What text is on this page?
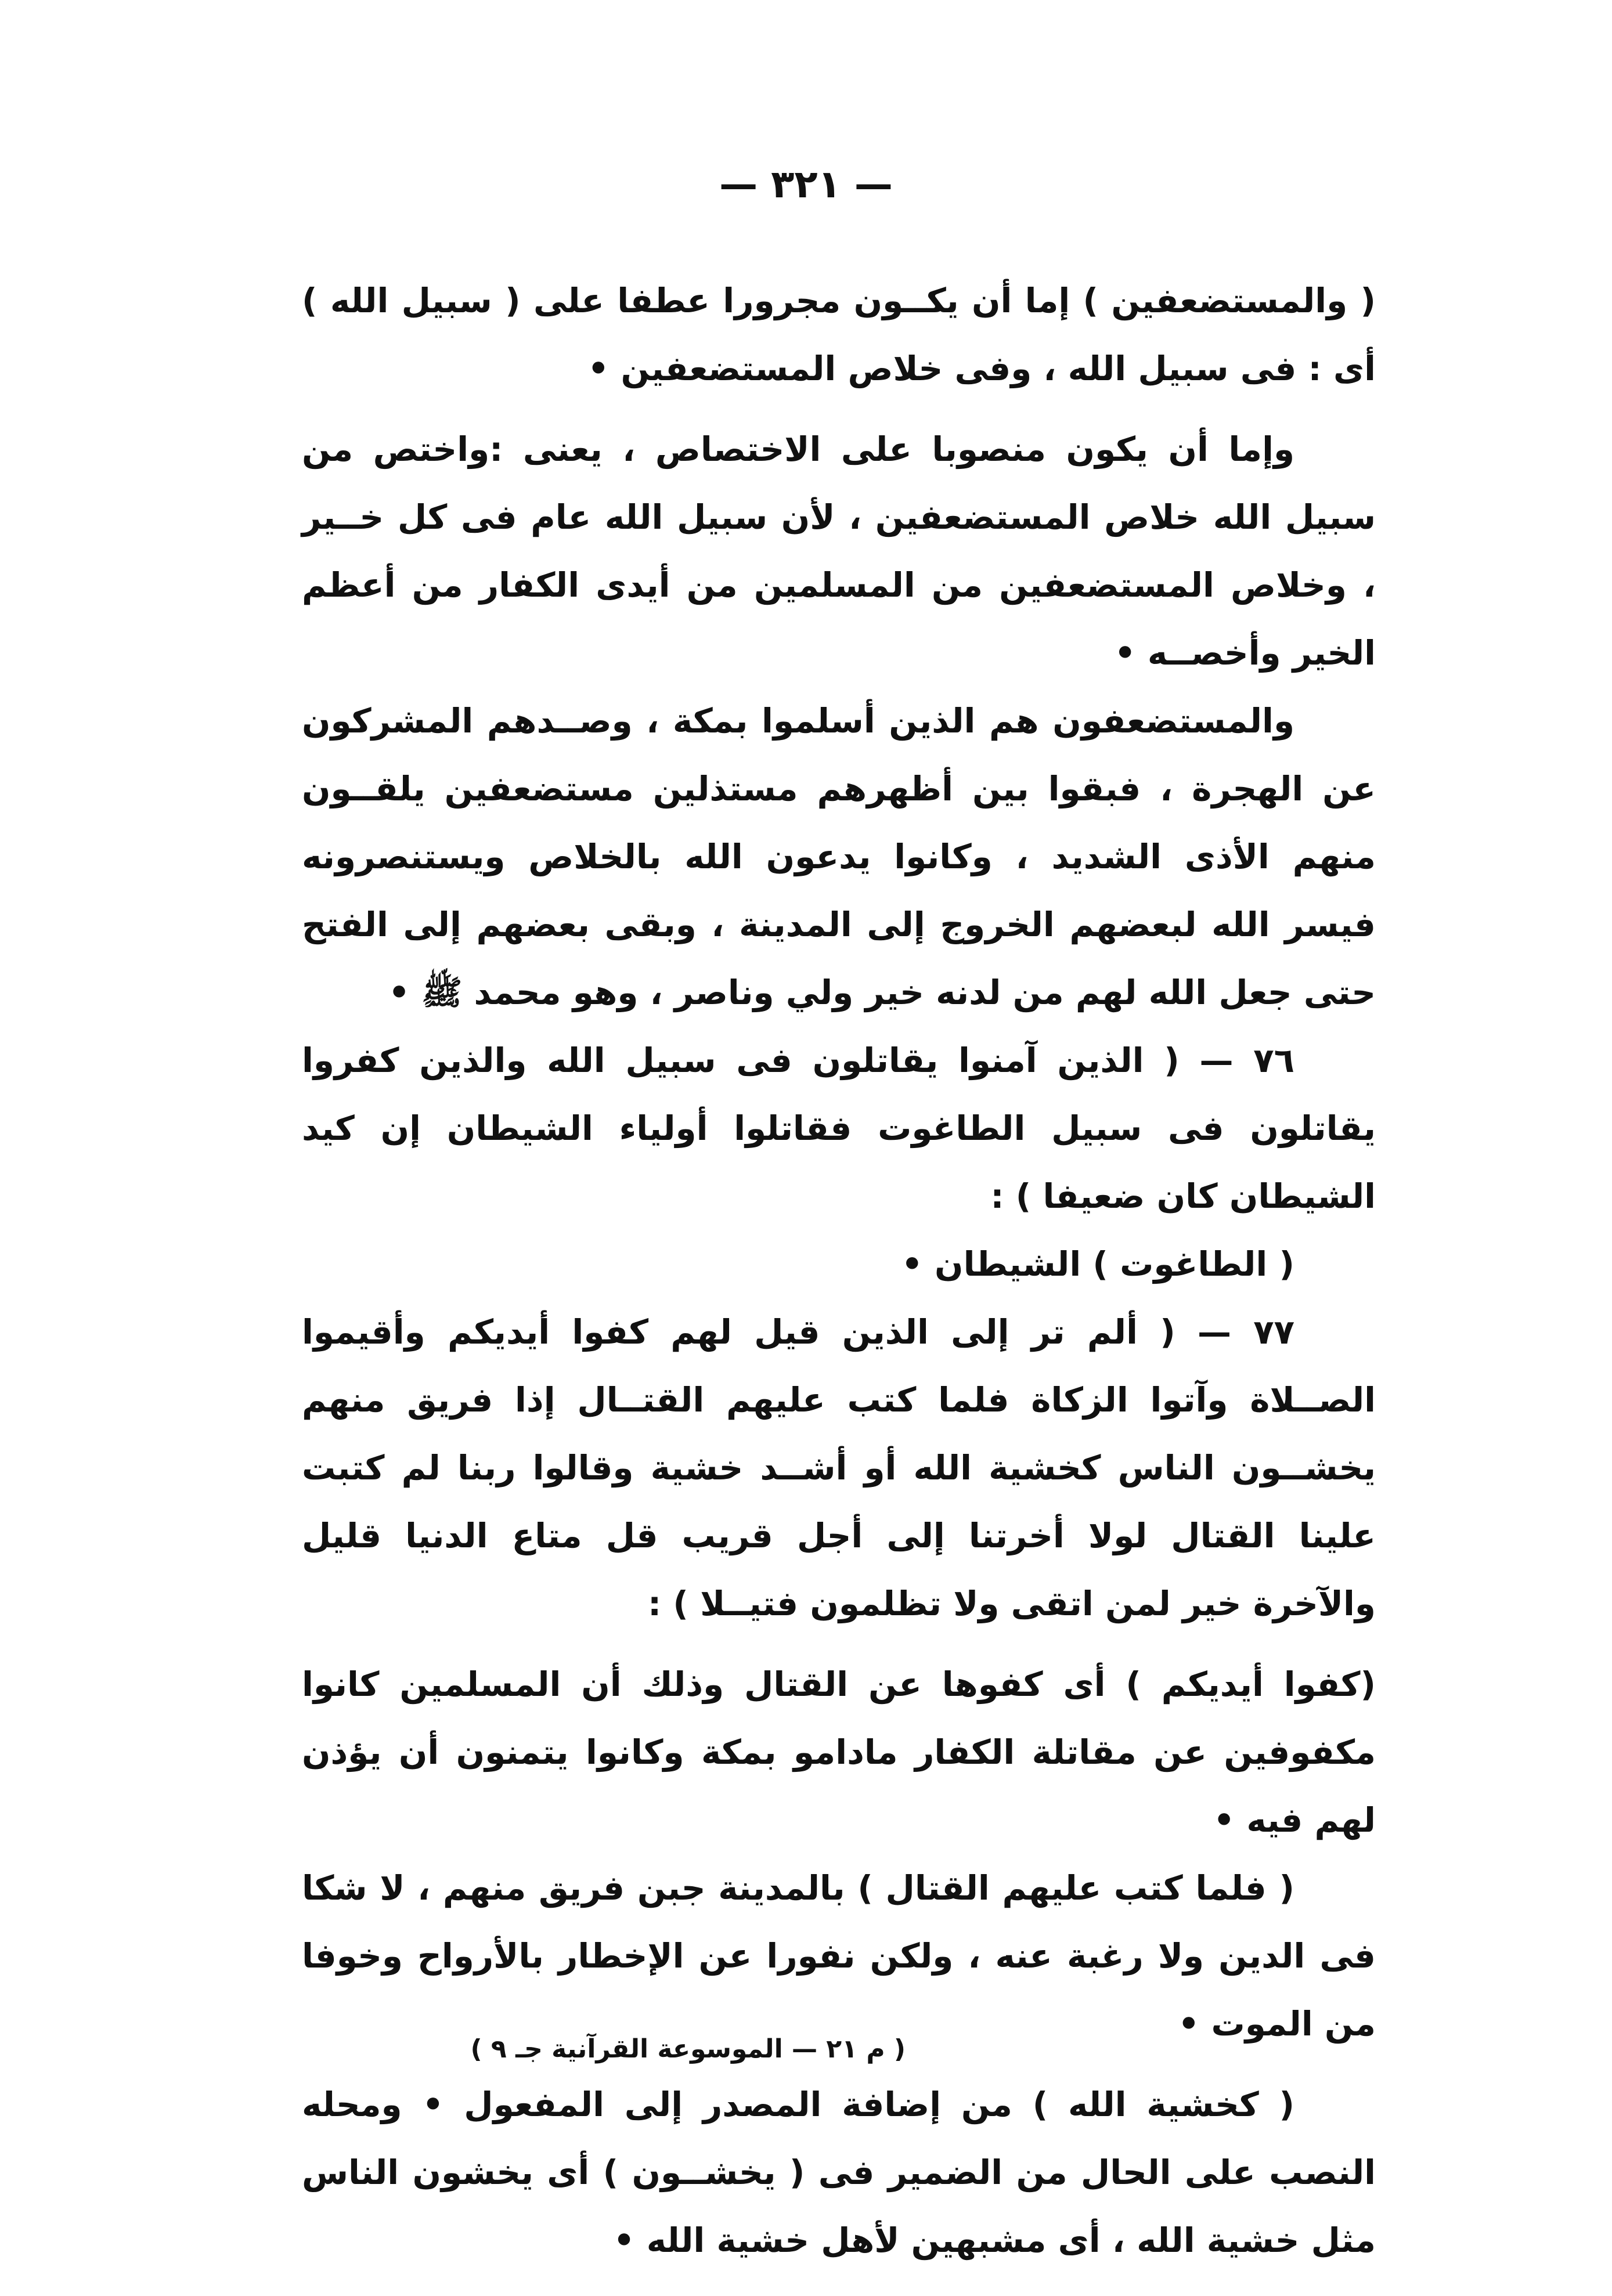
— ٣٢١ —

( والمستضعفين ) إما أن يكــون مجرورا عطفا على ( سبيل الله ) أى : فى سبيل الله ، وفى خلاص المستضعفين •

وإما أن يكون منصوبا على الاختصاص ، يعنى :واختص من سبيل الله خلاص المستضعفين ، لأن سبيل الله عام فى كل خــير ، وخلاص المستضعفين من المسلمين من أيدى الكفار من أعظم الخير وأخصــه •

والمستضعفون هم الذين أسلموا بمكة ، وصــدهم المشركون عن الهجرة ، فبقوا بين أظهرهم مستذلين مستضعفين يلقــون منهم الأذى الشديد ، وكانوا يدعون الله بالخلاص ويستنصرونه فيسر الله لبعضهم الخروج إلى المدينة ، وبقى بعضهم إلى الفتح حتى جعل الله لهم من لدنه خير ولي وناصر ، وهو محمد ﷺ •

٧٦ — ( الذين آمنوا يقاتلون فى سبيل الله والذين كفروا يقاتلون فى سبيل الطاغوت فقاتلوا أولياء الشيطان إن كيد الشيطان كان ضعيفا ) :

( الطاغوت ) الشيطان •

٧٧ — ( ألم تر إلى الذين قيل لهم كفوا أيديكم وأقيموا الصــلاة وآتوا الزكاة فلما كتب عليهم القتــال إذا فريق منهم يخشــون الناس كخشية الله أو أشــد خشية وقالوا ربنا لم كتبت علينا القتال لولا أخرتنا إلى أجل قريب قل متاع الدنيا قليل والآخرة خير لمن اتقى ولا تظلمون فتيــلا ) :

(كفوا أيديكم ) أى كفوها عن القتال وذلك أن المسلمين كانوا مكفوفين عن مقاتلة الكفار مادامو بمكة وكانوا يتمنون أن يؤذن لهم فيه •

( فلما كتب عليهم القتال ) بالمدينة جبن فريق منهم ، لا شكا فى الدين ولا رغبة عنه ، ولكن نفورا عن الإخطار بالأرواح وخوفا من الموت •

( كخشية الله ) من إضافة المصدر إلى المفعول • ومحله النصب على الحال من الضمير فى ( يخشــون ) أى يخشون الناس مثل خشية الله ، أى مشبهين لأهل خشية الله •

( م ٢١ — الموسوعة القرآنية جـ ٩ )
